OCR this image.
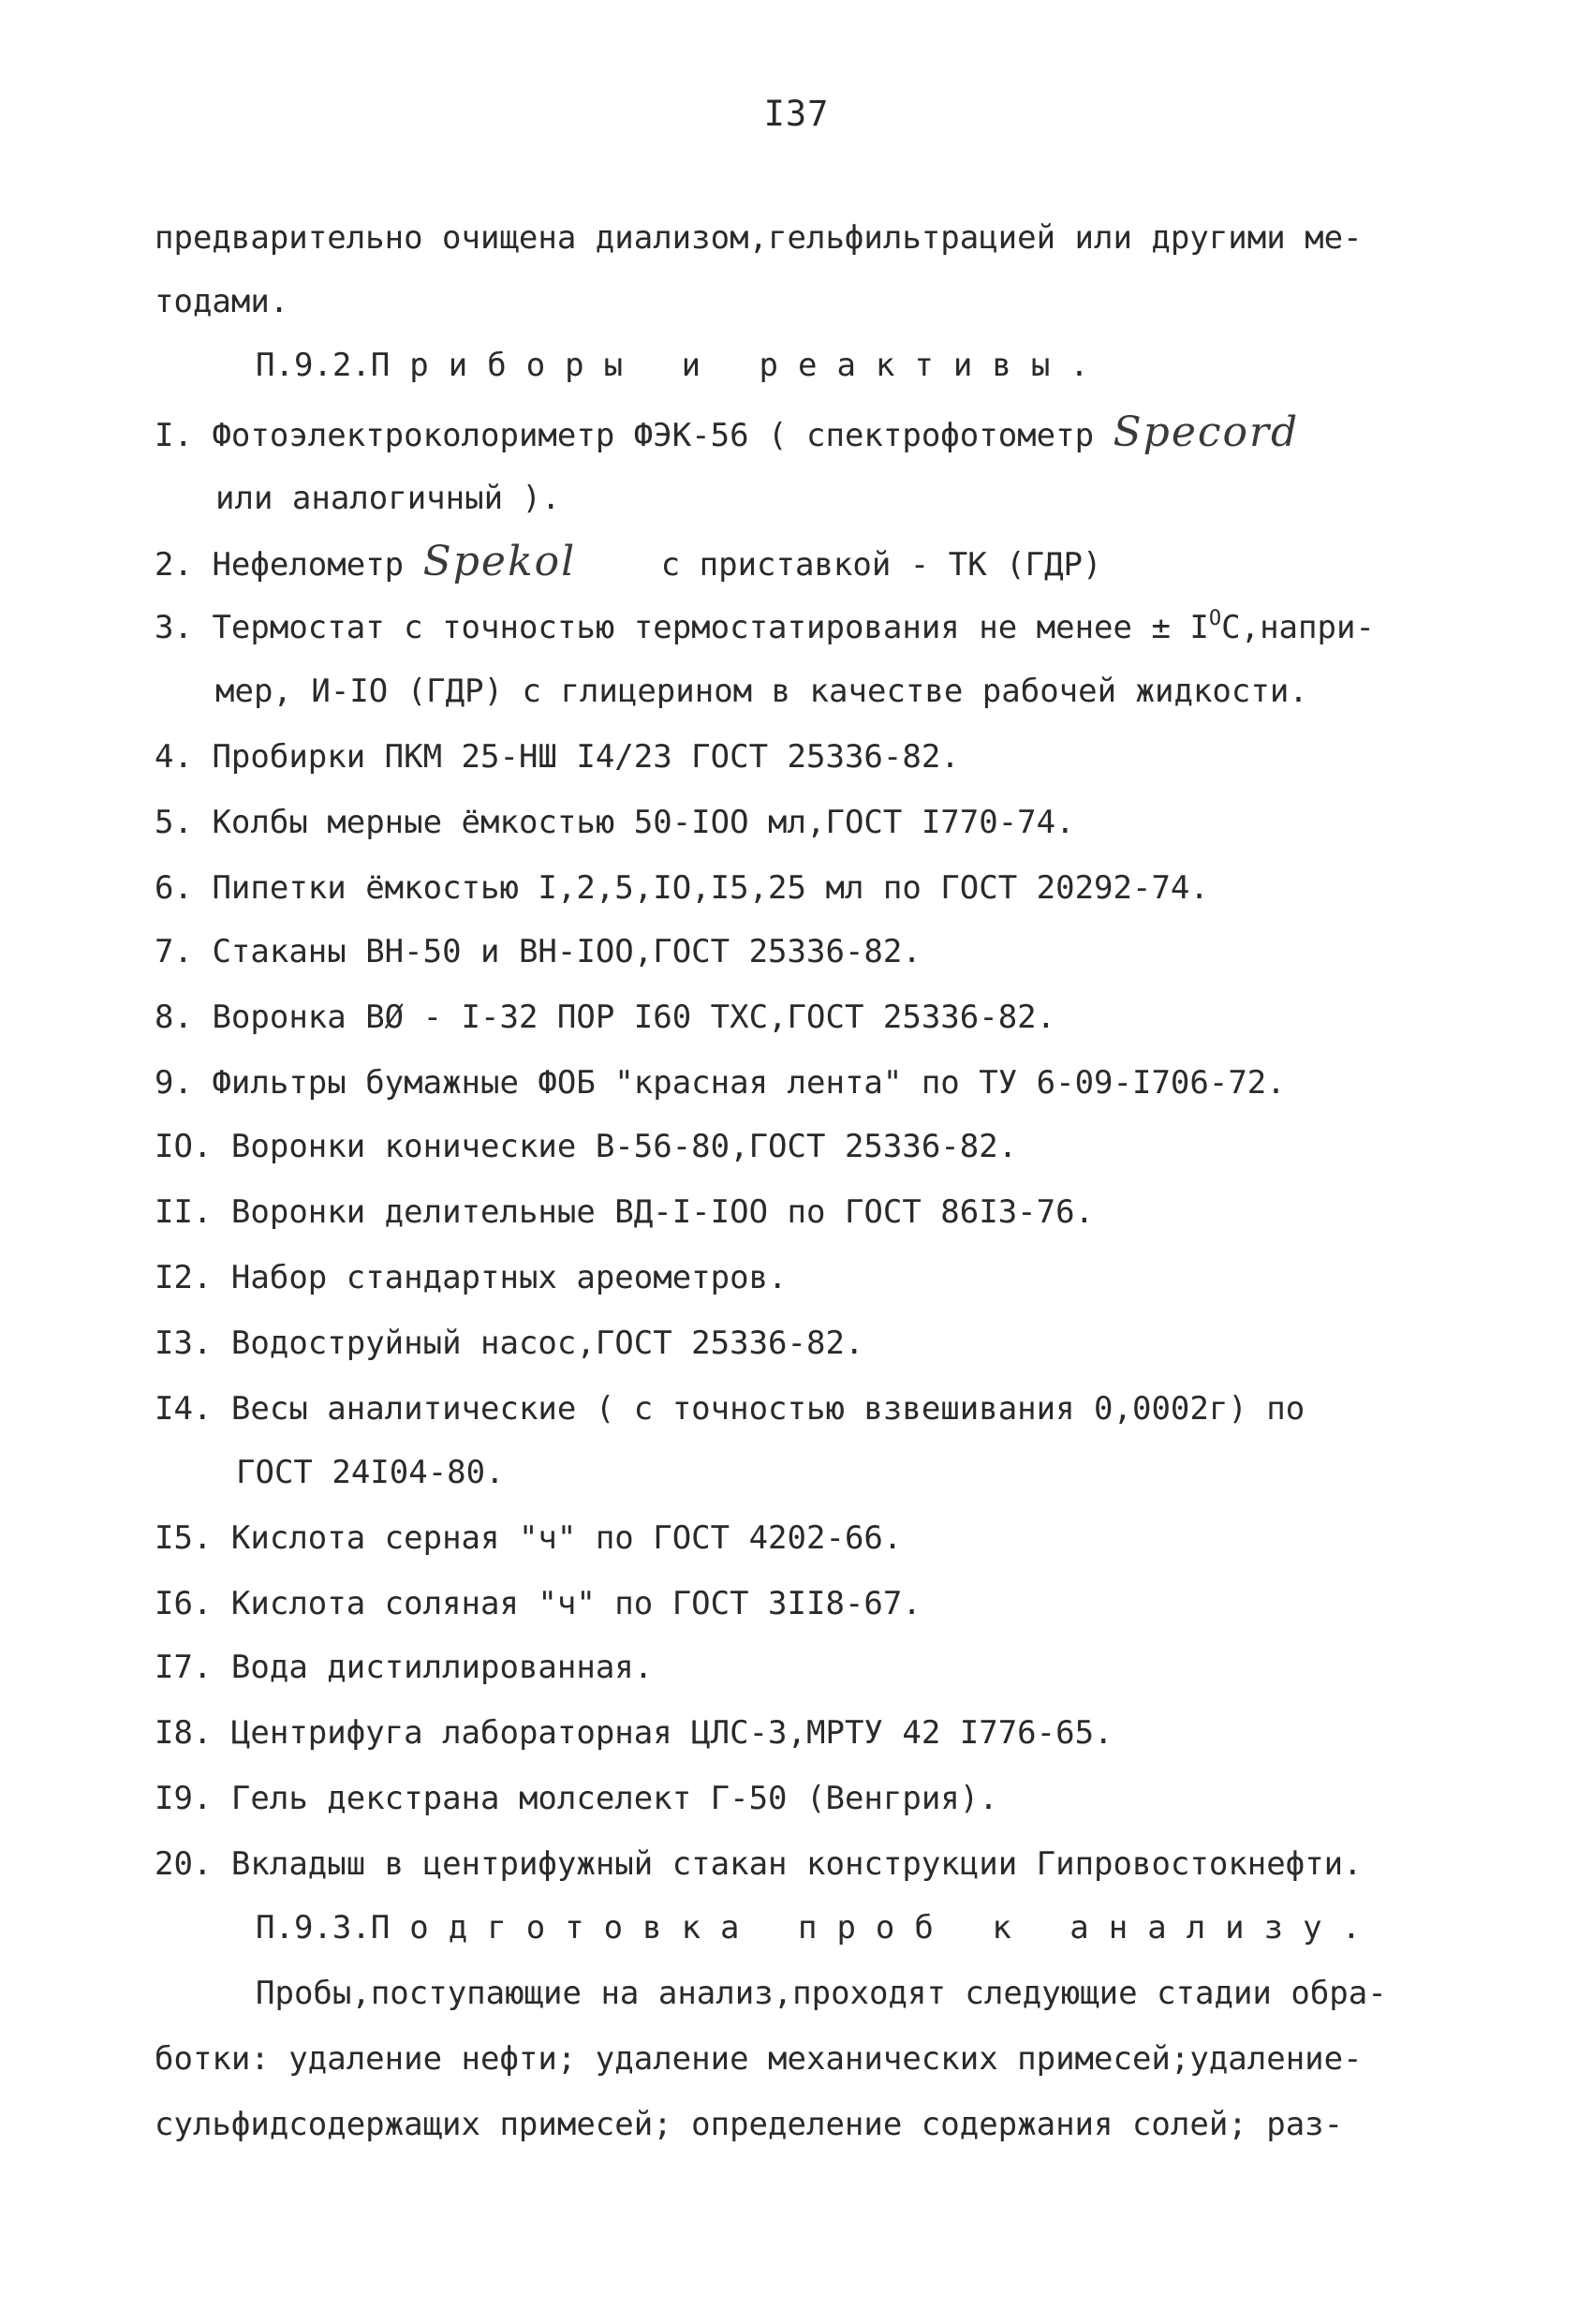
I37
предварительно очищена диализом,гельфильтрацией или другими ме-
тодами.
П.9.2.Приборы и реактивы.
I. Фотоэлектроколориметр ФЭК-56 ( спектрофотометр Specord
или аналогичный ).
2. Нефелометр Spekol	с приставкой - ТК (ГДР)
3. Термостат с точностью термостатирования не менее ± $I^OС,напри-$
мер, И-IO (ГДР) с глицерином в качестве рабочей жидкости.
4. Пробирки ПКМ 25-НШ I4/23 ГОСТ 25336-82.
5. Колбы мерные ёмкостью 50-IOO мл,ГОСТ I770-74.
6. Пипетки ёмкостью I,2,5,IO,I5,25 мл по ГОСТ 20292-74.
7. Стаканы ВН-50 и ВН-IOO,ГОСТ 25336-82.
8. Воронка ВØ - I-32 ПОР I60 ТХС,ГОСТ 25336-82.
9. Фильтры бумажные ФОБ "красная лента" по ТУ 6-09-I706-72.
IO. Воронки конические В-56-80,ГОСТ 25336-82.
II. Воронки делительные ВД-I-IOO по ГОСТ 86I3-76.
I2. Набор стандартных ареометров.
I3. Водоструйный насос,ГОСТ 25336-82.
I4. Весы аналитические ( с точностью взвешивания 0,0002г) по
ГОСТ 24I04-80.
I5. Кислота серная "ч" по ГОСТ 4202-66.
I6. Кислота соляная "ч" по ГОСТ 3II8-67.
I7. Вода дистиллированная.
I8. Центрифуга лабораторная ЦЛС-3,МРТУ 42 I776-65.
I9. Гель декстрана молселект Г-50 (Венгрия).
20. Вкладыш в центрифужный стакан конструкции Гипровостокнефти.
П.9.3.Подготовка проб к анализу.
Пробы,поступающие на анализ,проходят следующие стадии обра-
ботки: удаление нефти; удаление механических примесей;удаление-
сульфидсодержащих примесей; определение содержания солей; раз-
